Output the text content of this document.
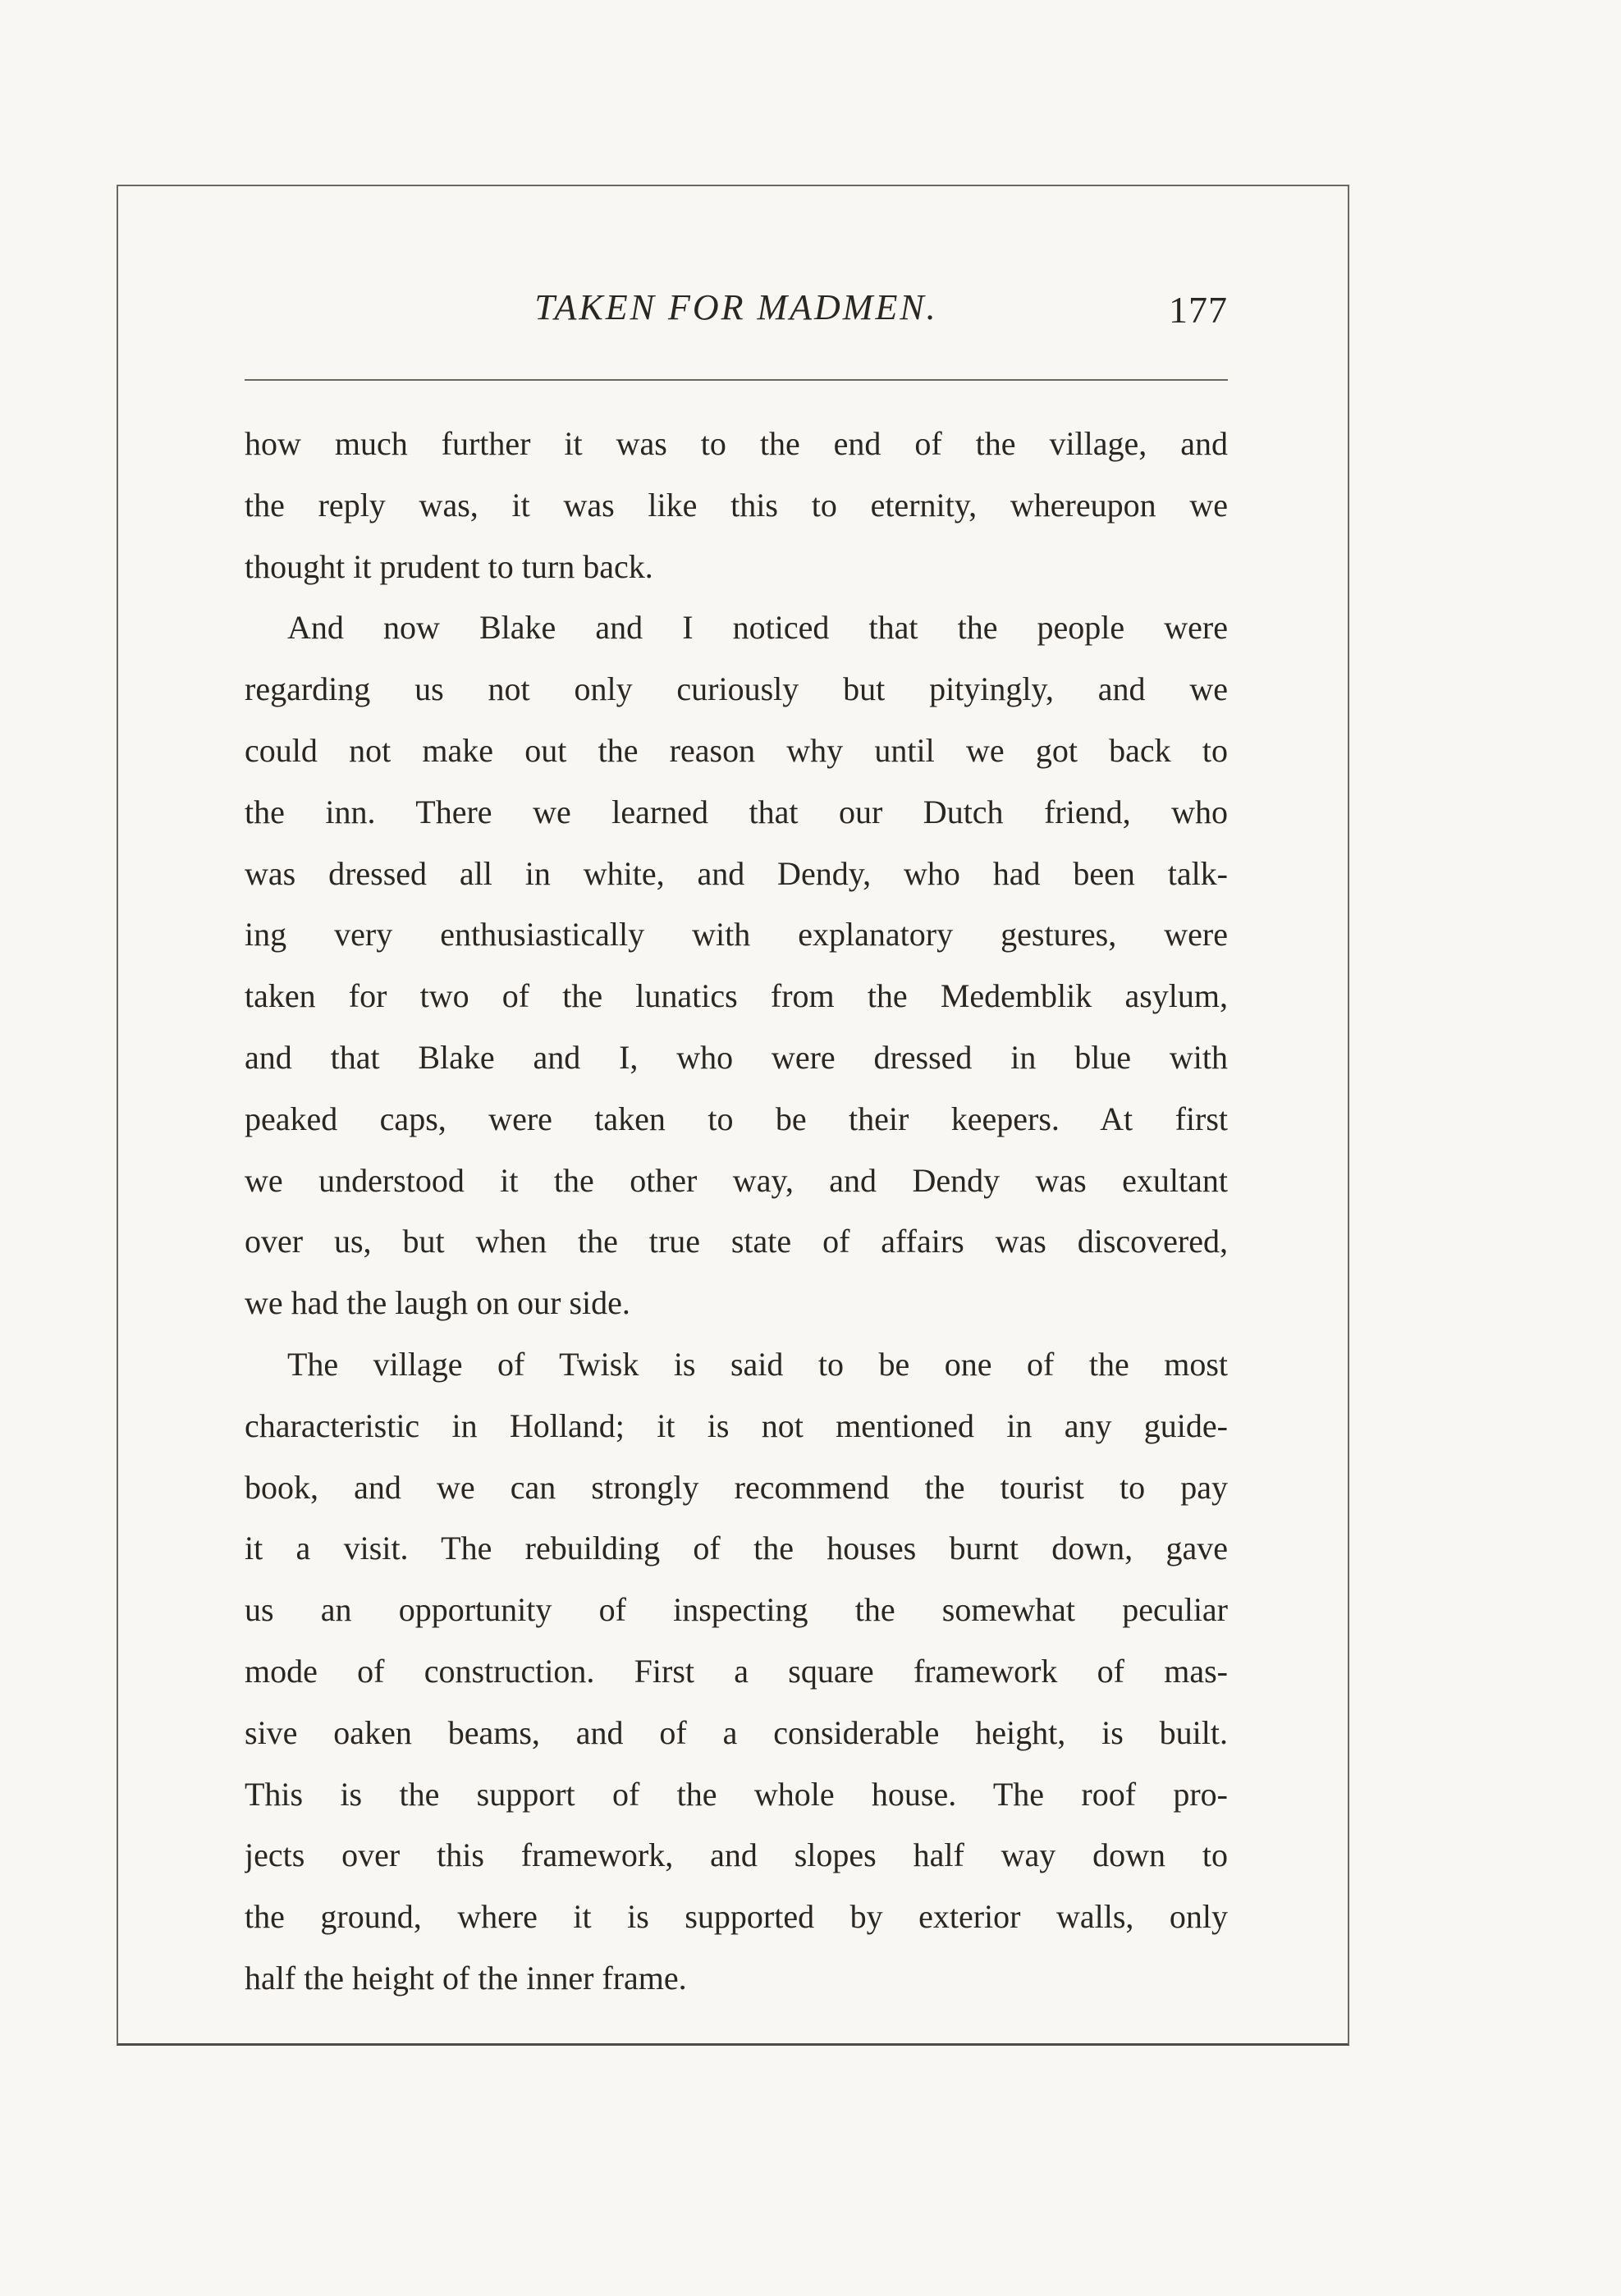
TAKEN FOR MADMEN.	177
how much further it was to the end of the village, and
the reply was, it was like this to eternity, whereupon we
thought it prudent to turn back.
And now Blake and I noticed that the people were
regarding us not only curiously but pityingly, and we
could not make out the reason why until we got back to
the inn. There we learned that our Dutch friend, who
was dressed all in white, and Dendy, who had been talk-
ing very enthusiastically with explanatory gestures, were
taken for two of the lunatics from the Medemblik asylum,
and that Blake and I, who were dressed in blue with
peaked caps, were taken to be their keepers. At first
we understood it the other way, and Dendy was exultant
over us, but when the true state of affairs was discovered,
we had the laugh on our side.
The village of Twisk is said to be one of the most
characteristic in Holland; it is not mentioned in any guide-
book, and we can strongly recommend the tourist to pay
it a visit. The rebuilding of the houses burnt down, gave
us an opportunity of inspecting the somewhat peculiar
mode of construction. First a square framework of mas-
sive oaken beams, and of a considerable height, is built.
This is the support of the whole house. The roof pro-
jects over this framework, and slopes half way down to
the ground, where it is supported by exterior walls, only
half the height of the inner frame.
